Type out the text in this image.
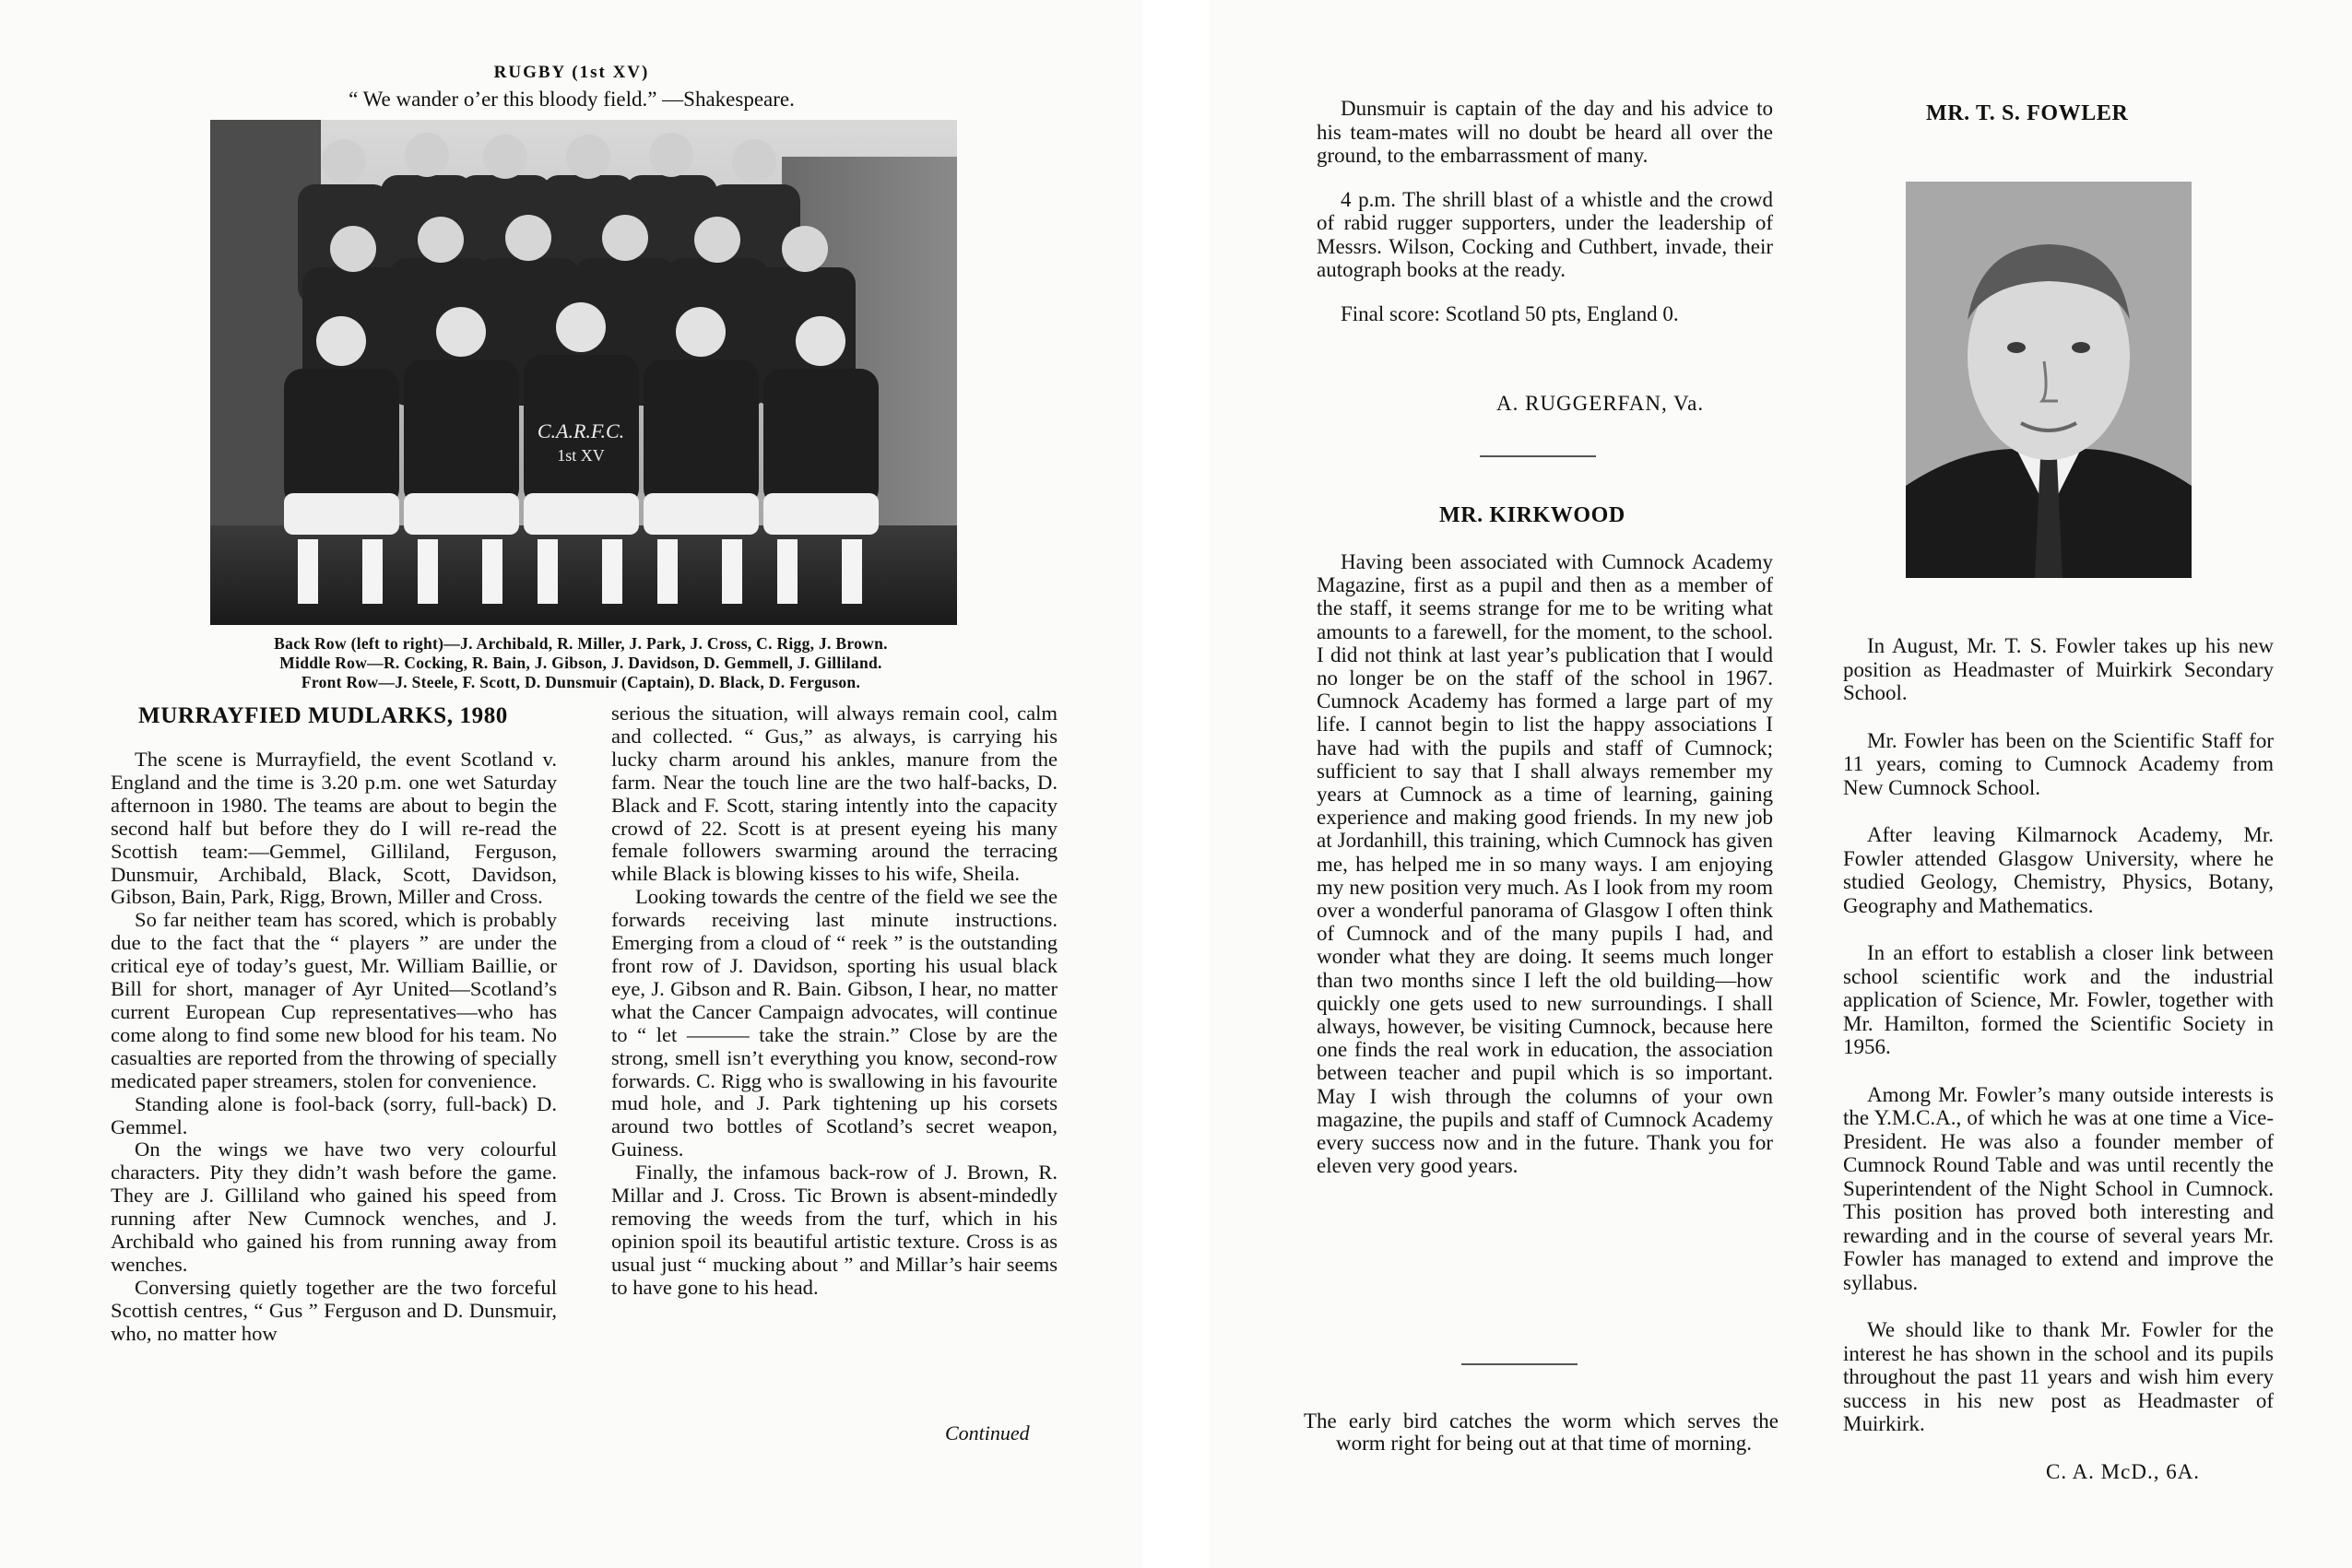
RUGBY (1st XV)
“ We wander o’er this bloody field.” —Shakespeare.
C.A.R.F.C.
1st XV
Back Row (left to right)—J. Archibald, R. Miller, J. Park, J. Cross, C. Rigg, J. Brown.
Middle Row—R. Cocking, R. Bain, J. Gibson, J. Davidson, D. Gemmell, J. Gilliland.
Front Row—J. Steele, F. Scott, D. Dunsmuir (Captain), D. Black, D. Ferguson.
MURRAYFIED MUDLARKS, 1980

The scene is Murrayfield, the event Scotland v. England and the time is 3.20 p.m. one wet Saturday afternoon in 1980. The teams are about to begin the second half but before they do I will re-read the Scottish team:—Gemmel, Gilliland, Ferguson, Dunsmuir, Archibald, Black, Scott, Davidson, Gibson, Bain, Park, Rigg, Brown, Miller and Cross.

So far neither team has scored, which is probably due to the fact that the “ players ” are under the critical eye of today’s guest, Mr. William Baillie, or Bill for short, manager of Ayr United—Scotland’s current European Cup representatives—who has come along to find some new blood for his team. No casualties are reported from the throwing of specially medicated paper streamers, stolen for convenience.

Standing alone is fool-back (sorry, full-back) D. Gemmel.

On the wings we have two very colourful characters. Pity they didn’t wash before the game. They are J. Gilliland who gained his speed from running after New Cumnock wenches, and J. Archibald who gained his from running away from wenches.

Conversing quietly together are the two forceful Scottish centres, “ Gus ” Ferguson and D. Dunsmuir, who, no matter how

serious the situation, will always remain cool, calm and collected. “ Gus,” as always, is carrying his lucky charm around his ankles, manure from the farm. Near the touch line are the two half-backs, D. Black and F. Scott, staring intently into the capacity crowd of 22. Scott is at present eyeing his many female followers swarming around the terracing while Black is blowing kisses to his wife, Sheila.

Looking towards the centre of the field we see the forwards receiving last minute instructions. Emerging from a cloud of “ reek ” is the outstanding front row of J. Davidson, sporting his usual black eye, J. Gibson and R. Bain. Gibson, I hear, no matter what the Cancer Campaign advocates, will continue to “ let ——— take the strain.” Close by are the strong, smell isn’t everything you know, second-row forwards. C. Rigg who is swallowing in his favourite mud hole, and J. Park tightening up his corsets around two bottles of Scotland’s secret weapon, Guiness.

Finally, the infamous back-row of J. Brown, R. Millar and J. Cross. Tic Brown is absent-mindedly removing the weeds from the turf, which in his opinion spoil its beautiful artistic texture. Cross is as usual just “ mucking about ” and Millar’s hair seems to have gone to his head.

Continued

Dunsmuir is captain of the day and his advice to his team-mates will no doubt be heard all over the ground, to the embarrassment of many.

4 p.m. The shrill blast of a whistle and the crowd of rabid rugger supporters, under the leadership of Messrs. Wilson, Cocking and Cuthbert, invade, their autograph books at the ready.

Final score: Scotland 50 pts, England 0.

A. RUGGERFAN, Va.
MR. KIRKWOOD

Having been associated with Cumnock Academy Magazine, first as a pupil and then as a member of the staff, it seems strange for me to be writing what amounts to a farewell, for the moment, to the school. I did not think at last year’s publication that I would no longer be on the staff of the school in 1967. Cumnock Academy has formed a large part of my life. I cannot begin to list the happy associations I have had with the pupils and staff of Cumnock; sufficient to say that I shall always remember my years at Cumnock as a time of learning, gaining experience and making good friends. In my new job at Jordanhill, this training, which Cumnock has given me, has helped me in so many ways. I am enjoying my new position very much. As I look from my room over a wonderful panorama of Glasgow I often think of Cumnock and of the many pupils I had, and wonder what they are doing. It seems much longer than two months since I left the old building—how quickly one gets used to new surroundings. I shall always, however, be visiting Cumnock, because here one finds the real work in education, the association between teacher and pupil which is so important. May I wish through the columns of your own magazine, the pupils and staff of Cumnock Academy every success now and in the future. Thank you for eleven very good years.

The early bird catches the worm which serves the worm right for being out at that time of morning.
MR. T. S. FOWLER

In August, Mr. T. S. Fowler takes up his new position as Headmaster of Muirkirk Secondary School.

Mr. Fowler has been on the Scientific Staff for 11 years, coming to Cumnock Academy from New Cumnock School.

After leaving Kilmarnock Academy, Mr. Fowler attended Glasgow University, where he studied Geology, Chemistry, Physics, Botany, Geography and Mathematics.

In an effort to establish a closer link between school scientific work and the industrial application of Science, Mr. Fowler, together with Mr. Hamilton, formed the Scientific Society in 1956.

Among Mr. Fowler’s many outside interests is the Y.M.C.A., of which he was at one time a Vice-President. He was also a founder member of Cumnock Round Table and was until recently the Superintendent of the Night School in Cumnock. This position has proved both interesting and rewarding and in the course of several years Mr. Fowler has managed to extend and improve the syllabus.

We should like to thank Mr. Fowler for the interest he has shown in the school and its pupils throughout the past 11 years and wish him every success in his new post as Headmaster of Muirkirk.

C. A. McD., 6A.
